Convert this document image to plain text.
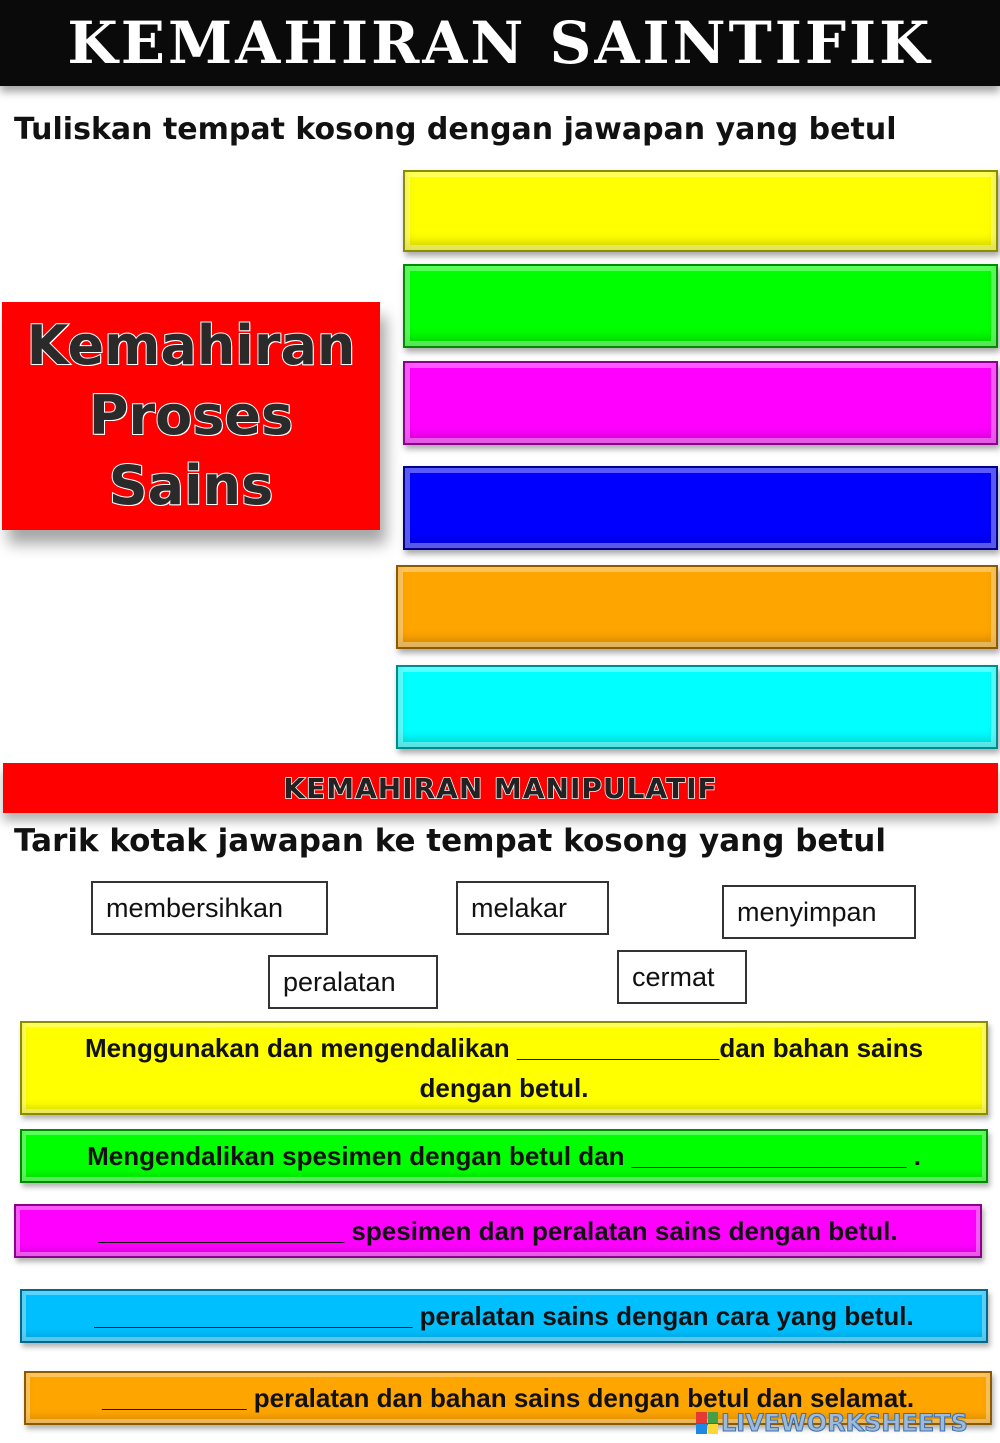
KEMAHIRAN SAINTIFIK
Tuliskan tempat kosong dengan jawapan yang betul
Kemahiran
Proses
Sains
KEMAHIRAN MANIPULATIF
Tarik kotak jawapan ke tempat kosong yang betul
membersihkan	melakar	menyimpan
peralatan	cermat
Menggunakan dan mengendalikan ______________dan bahan sains
dengan betul.
Mengendalikan spesimen dengan betul dan ___________________ .
_________________ spesimen dan peralatan sains dengan betul.
______________________ peralatan sains dengan cara yang betul.
__________ peralatan dan bahan sains dengan betul dan selamat.
LIVEWORKSHEETS
